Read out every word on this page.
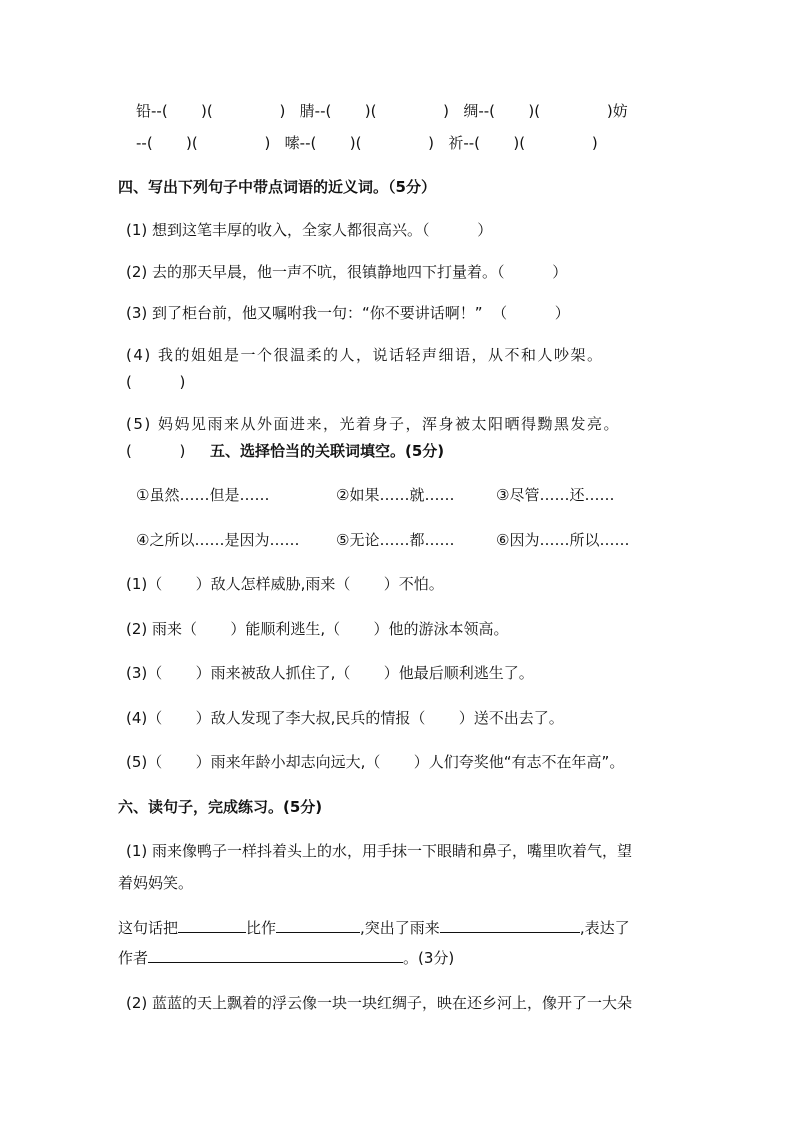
铅--(       )(              )   腈--(       )(              )   绸--(       )(              )妨
--(       )(              )   嗦--(       )(              )   祈--(       )(              )
四、写出下列句子中带点词语的近义词。（5分）
(1) 想到这笔丰厚的收入，全家人都很高兴。（          ）
(2) 去的那天早晨，他一声不吭，很镇静地四下打量着。（          ）
(3) 到了柜台前，他又嘱咐我一句：“你不要讲话啊！”  （          ）
(4) 我的姐姐是一个很温柔的人，说话轻声细语，从不和人吵架。
(          )
(5) 妈妈见雨来从外面进来，光着身子，浑身被太阳晒得黝黑发亮。
(          ) 五、选择恰当的关联词填空。(5分)
①虽然……但是……	②如果……就……	③尽管……还……
④之所以……是因为…… ⑤无论……都……	⑥因为……所以……
(1)（       ）敌人怎样威胁,雨来（       ）不怕。
(2) 雨来（       ）能顺利逃生,（       ）他的游泳本领高。
(3)（       ）雨来被敌人抓住了,（       ）他最后顺利逃生了。
(4)（       ）敌人发现了李大叔,民兵的情报（       ）送不出去了。
(5)（       ）雨来年龄小却志向远大,（       ）人们夸奖他“有志不在年高”。
六、读句子，完成练习。(5分)
(1) 雨来像鸭子一样抖着头上的水，用手抹一下眼睛和鼻子，嘴里吹着气，望
着妈妈笑。
这句话把	比作	,突出了雨来	,表达了
作者	。(3分)
(2) 蓝蓝的天上飘着的浮云像一块一块红绸子，映在还乡河上，像开了一大朵
